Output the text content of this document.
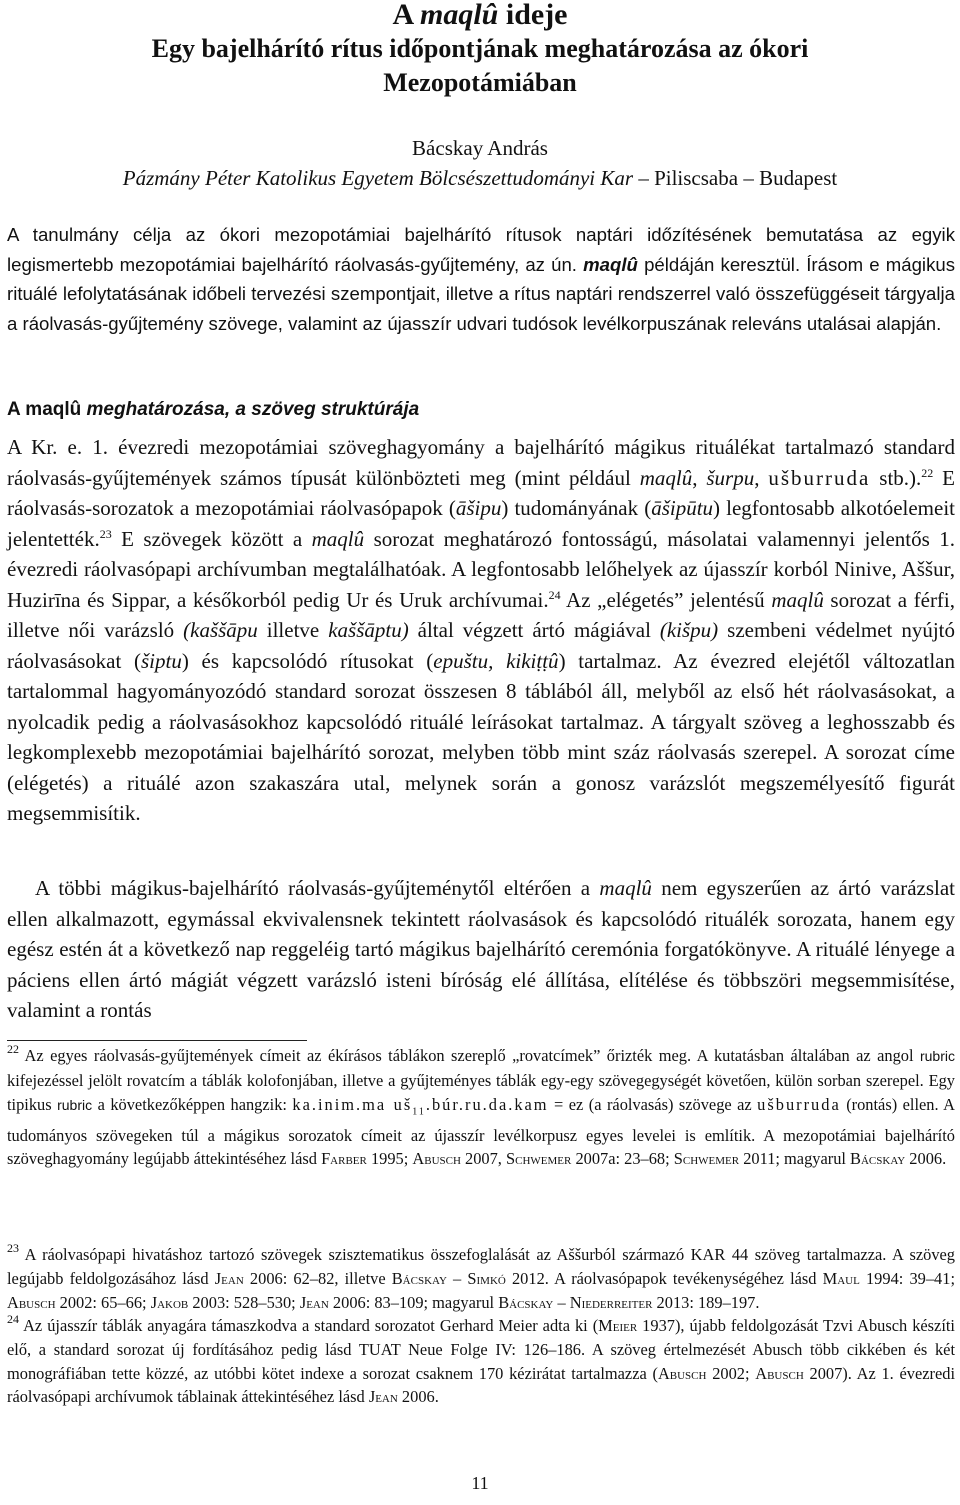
A maqlû ideje
Egy bajelhárító rítus időpontjának meghatározása az ókori
Mezopotámiában
Bácskay András
Pázmány Péter Katolikus Egyetem Bölcsészettudományi Kar – Piliscsaba – Budapest
A tanulmány célja az ókori mezopotámiai bajelhárító rítusok naptári időzítésének bemutatása az egyik legismertebb mezopotámiai bajelhárító ráolvasás-gyűjtemény, az ún. maqlû példáján keresztül. Írásom e mágikus rituálé lefolytatásának időbeli tervezési szempontjait, illetve a rítus naptári rendszerrel való összefüggéseit tárgyalja a ráolvasás-gyűjtemény szövege, valamint az újasszír udvari tudósok levélkorpuszának releváns utalásai alapján.
A maqlû meghatározása, a szöveg struktúrája
A Kr. e. 1. évezredi mezopotámiai szöveghagyomány a bajelhárító mágikus rituálékat tartalmazó standard ráolvasás-gyűjtemények számos típusát különbözteti meg (mint például maqlû, šurpu, ušburruda stb.).$^{22}$ E ráolvasás-sorozatok a mezopotámiai ráolvasópapok (āšipu) tudományának (āšipūtu) legfontosabb alkotóelemeit jelentették.$^{23}$ E szövegek között a maqlû sorozat meghatározó fontosságú, másolatai valamennyi jelentős 1. évezredi ráolvasópapi archívumban megtalálhatóak. A legfontosabb lelőhelyek az újasszír korból Ninive, Aššur, Huzirīna és Sippar, a későkorból pedig Ur és Uruk archívumai.$^{24}$ Az „elégetés” jelentésű maqlû sorozat a férfi, illetve női varázsló (kaššāpu illetve kaššāptu) által végzett ártó mágiával (kišpu) szembeni védelmet nyújtó ráolvasásokat (šiptu) és kapcsolódó rítusokat (epuštu, kikiṭṭû) tartalmaz. Az évezred elejétől változatlan tartalommal hagyományozódó standard sorozat összesen 8 táblából áll, melyből az első hét ráolvasásokat, a nyolcadik pedig a ráolvasásokhoz kapcsolódó rituálé leírásokat tartalmaz. A tárgyalt szöveg a leghosszabb és legkomplexebb mezopotámiai bajelhárító sorozat, melyben több mint száz ráolvasás szerepel. A sorozat címe (elégetés) a rituálé azon szakaszára utal, melynek során a gonosz varázslót megszemélyesítő figurát megsemmisítik.
A többi mágikus-bajelhárító ráolvasás-gyűjteménytől eltérően a maqlû nem egyszerűen az ártó varázslat ellen alkalmazott, egymással ekvivalensnek tekintett ráolvasások és kapcsolódó rituálék sorozata, hanem egy egész estén át a következő nap reggeléig tartó mágikus bajelhárító ceremónia forgatókönyve. A rituálé lényege a páciens ellen ártó mágiát végzett varázsló isteni bíróság elé állítása, elítélése és többszöri megsemmisítése, valamint a rontás
$^{22}$ Az egyes ráolvasás-gyűjtemények címeit az ékírásos táblákon szereplő „rovatcímek” őrizték meg. A kutatásban általában az angol rubric kifejezéssel jelölt rovatcím a táblák kolofonjában, illetve a gyűjteményes táblák egy-egy szövegegységét követően, külön sorban szerepel. Egy tipikus rubric a következőképpen hangzik: ka.inim.ma $uš_{11}.búr.ru.da.kam$ = ez (a ráolvasás) szövege az ušburruda (rontás) ellen. A tudományos szövegeken túl a mágikus sorozatok címeit az újasszír levélkorpusz egyes levelei is említik. A mezopotámiai bajelhárító szöveghagyomány legújabb áttekintéséhez lásd Farber 1995; Abusch 2007, Schwemer 2007a: 23–68; Schwemer 2011; magyarul Bácskay 2006.
$^{23}$ A ráolvasópapi hivatáshoz tartozó szövegek szisztematikus összefoglalását az Aššurból származó KAR 44 szöveg tartalmazza. A szöveg legújabb feldolgozásához lásd Jean 2006: 62–82, illetve Bácskay – Simkó 2012. A ráolvasópapok tevékenységéhez lásd Maul 1994: 39–41; Abusch 2002: 65–66; Jakob 2003: 528–530; Jean 2006: 83–109; magyarul Bácskay – Niederreiter 2013: 189–197.
$^{24}$ Az újasszír táblák anyagára támaszkodva a standard sorozatot Gerhard Meier adta ki (Meier 1937), újabb feldolgozását Tzvi Abusch készíti elő, a standard sorozat új fordításához pedig lásd TUAT Neue Folge IV: 126–186. A szöveg értelmezését Abusch több cikkében és két monográfiában tette közzé, az utóbbi kötet indexe a sorozat csaknem 170 kézirátat tartalmazza (Abusch 2002; Abusch 2007). Az 1. évezredi ráolvasópapi archívumok táblainak áttekintéséhez lásd Jean 2006.
11
